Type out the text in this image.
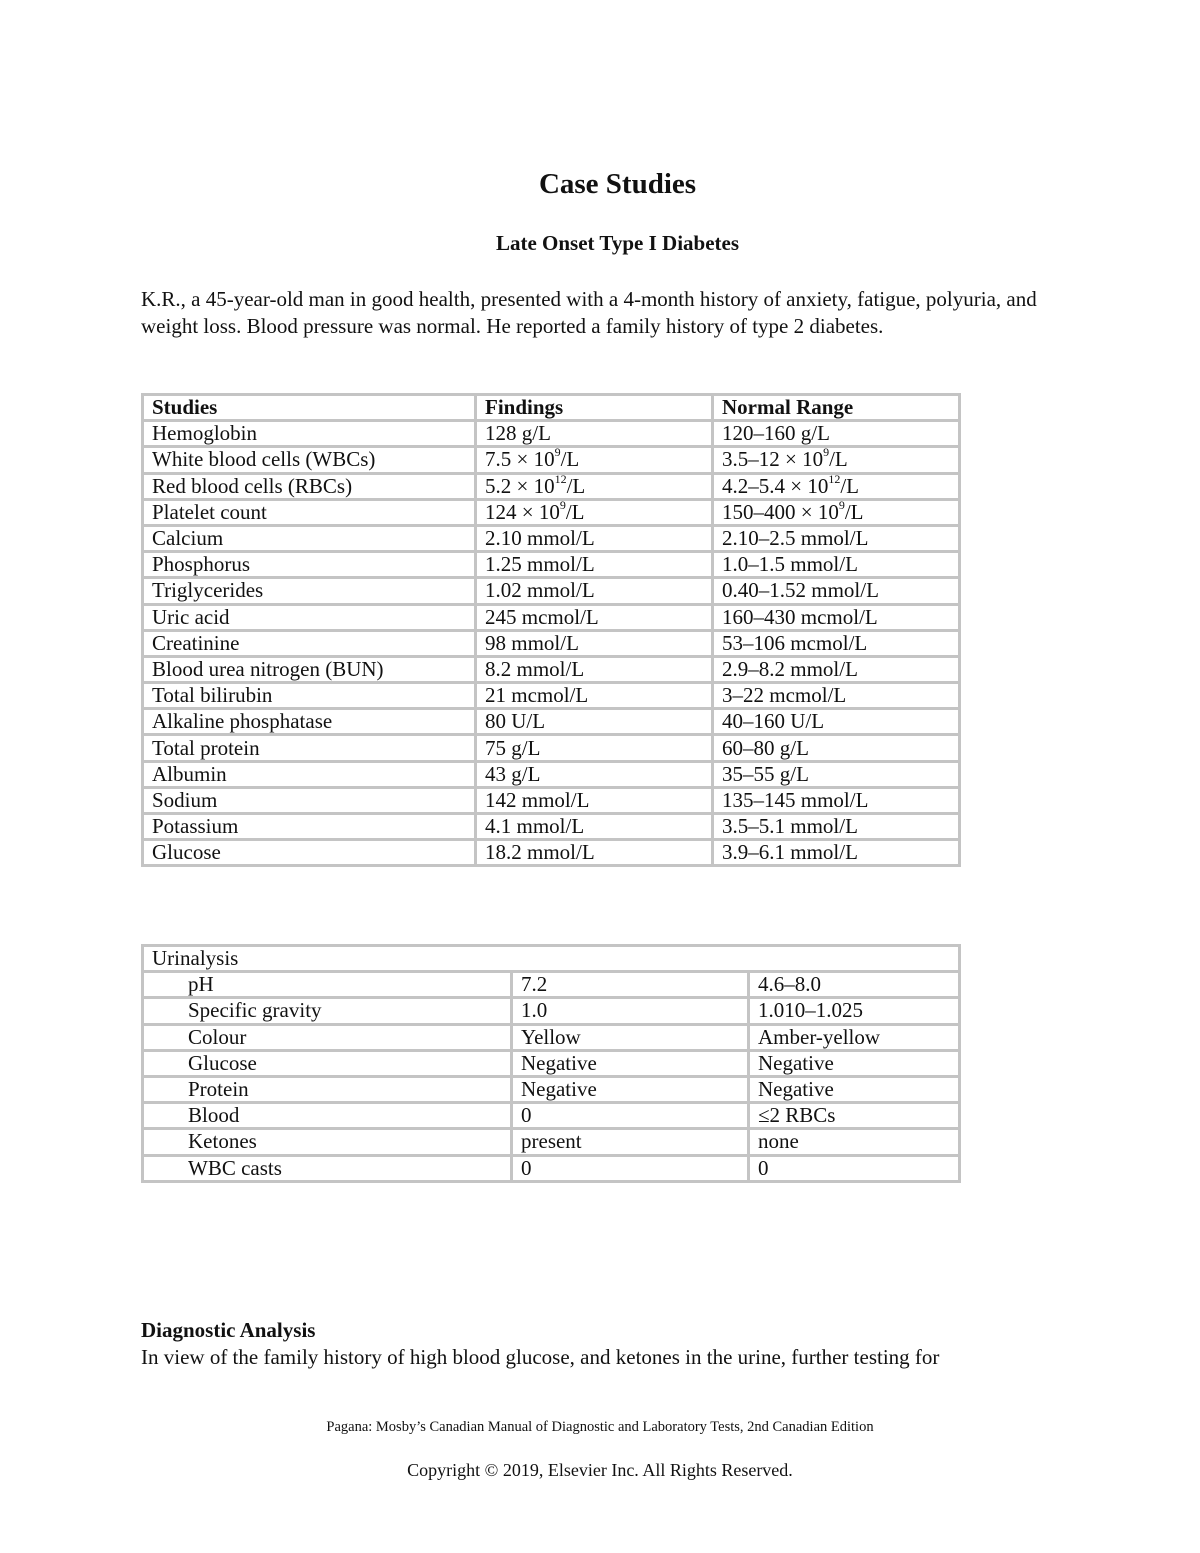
Case Studies
Late Onset Type I Diabetes

K.R., a 45-year-old man in good health, presented with a 4-month history of anxiety, fatigue, polyuria, and weight loss. Blood pressure was normal. He reported a family history of type 2 diabetes.

Studies	Findings	Normal Range
Hemoglobin	128 g/L	120–160 g/L
White blood cells (WBCs)	$7.5 \times 10^9/L$	$3.5-12 \times 10^9/L$
Red blood cells (RBCs)	$5.2 \times 10^{12}/L$	$4.2-5.4 \times 10^{12}/L$
Platelet count	$124 \times 10^9/L$	$150-400 \times 10^9/L$
Calcium	2.10 mmol/L	2.10–2.5 mmol/L
Phosphorus	1.25 mmol/L	1.0–1.5 mmol/L
Triglycerides	1.02 mmol/L	0.40–1.52 mmol/L
Uric acid	245 mcmol/L	160–430 mcmol/L
Creatinine	98 mmol/L	53–106 mcmol/L
Blood urea nitrogen (BUN)	8.2 mmol/L	2.9–8.2 mmol/L
Total bilirubin	21 mcmol/L	3–22 mcmol/L
Alkaline phosphatase	80 U/L	40–160 U/L
Total protein	75 g/L	60–80 g/L
Albumin	43 g/L	35–55 g/L
Sodium	142 mmol/L	135–145 mmol/L
Potassium	4.1 mmol/L	3.5–5.1 mmol/L
Glucose	18.2 mmol/L	3.9–6.1 mmol/L
Urinalysis		
pH	7.2	4.6–8.0
Specific gravity	1.0	1.010–1.025
Colour	Yellow	Amber-yellow
Glucose	Negative	Negative
Protein	Negative	Negative
Blood	0	≤2 RBCs
Ketones	present	none
WBC casts	0	0

Diagnostic Analysis

In view of the family history of high blood glucose, and ketones in the urine, further testing for

Pagana: Mosby’s Canadian Manual of Diagnostic and Laboratory Tests, 2nd Canadian Edition

Copyright © 2019, Elsevier Inc. All Rights Reserved.
